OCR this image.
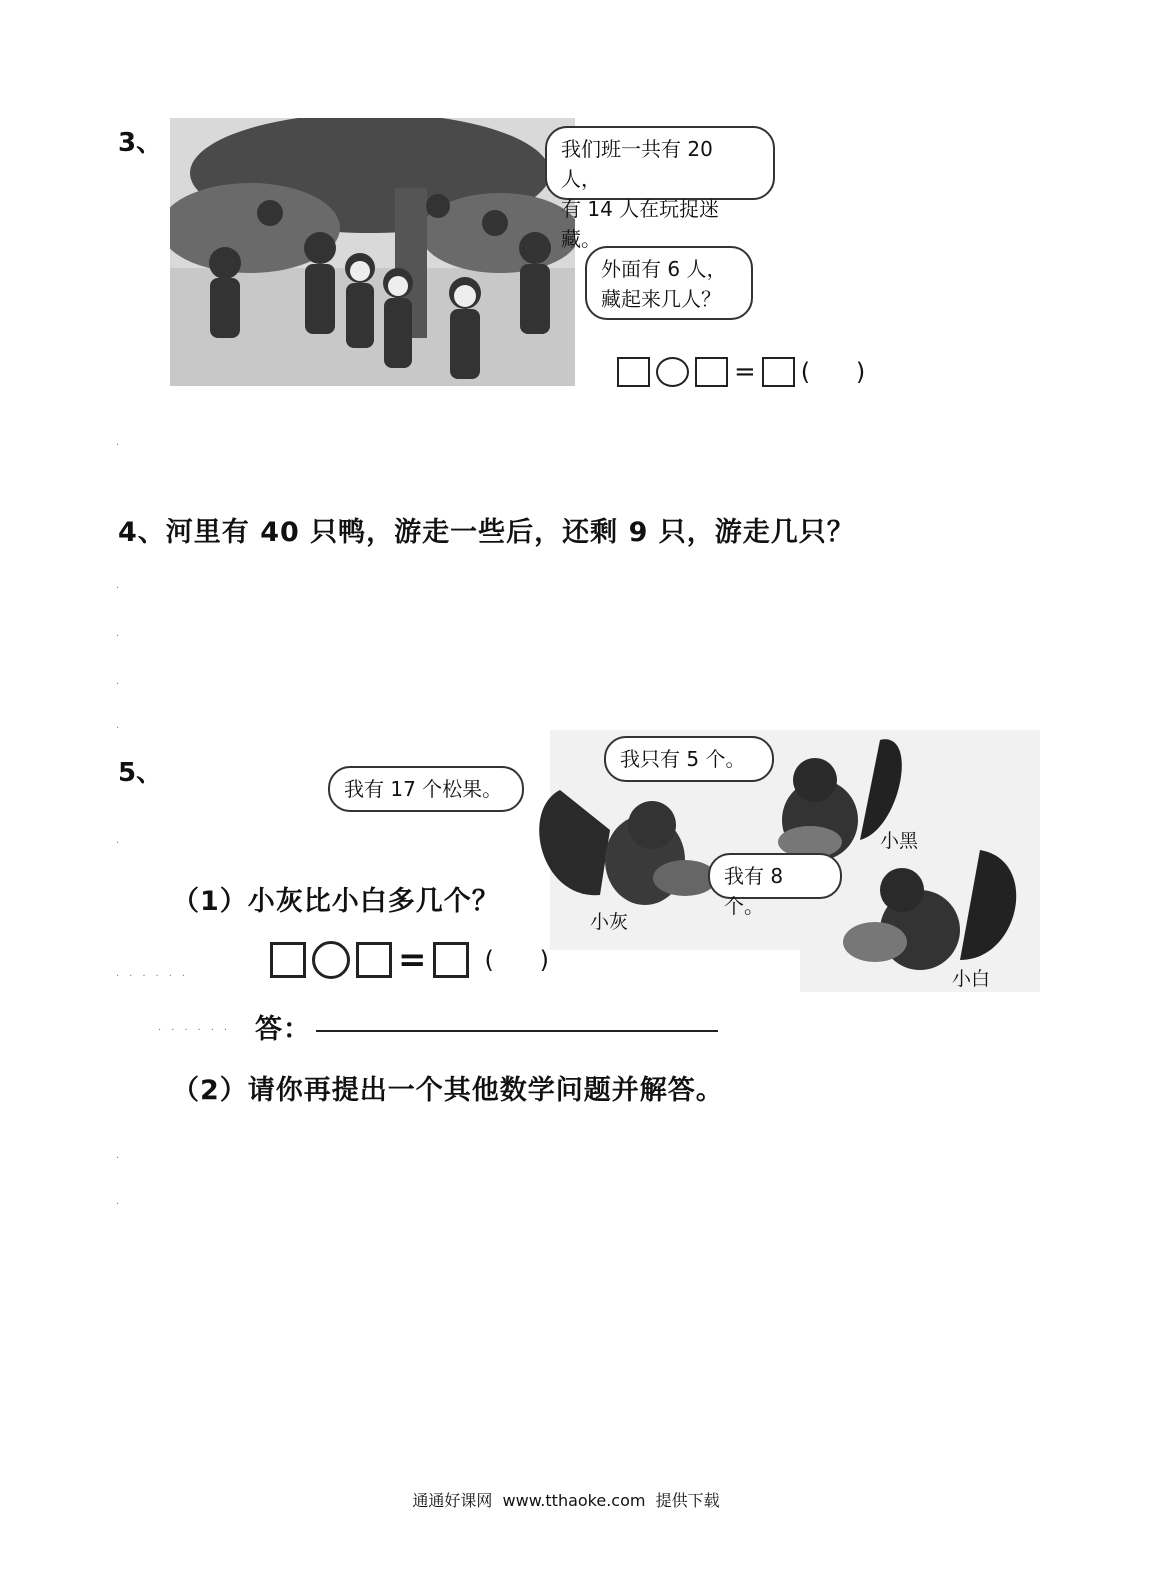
3、	我们班一共有 20 人，
有 14 人在玩捉迷藏。
外面有 6 人，
藏起来几人？
= (      )
4、河里有 40 只鸭，游走一些后，还剩 9 只，游走几只？
5、
我有 17 个松果。
我只有 5 个。
我有 8 个。
小灰
小黑
小白
（1）小灰比小白多几个？
= (      )
答：
（2）请你再提出一个其他数学问题并解答。
.
.
.
.
.
.
......
......
.
.
通通好课网  www.tthaoke.com  提供下载
